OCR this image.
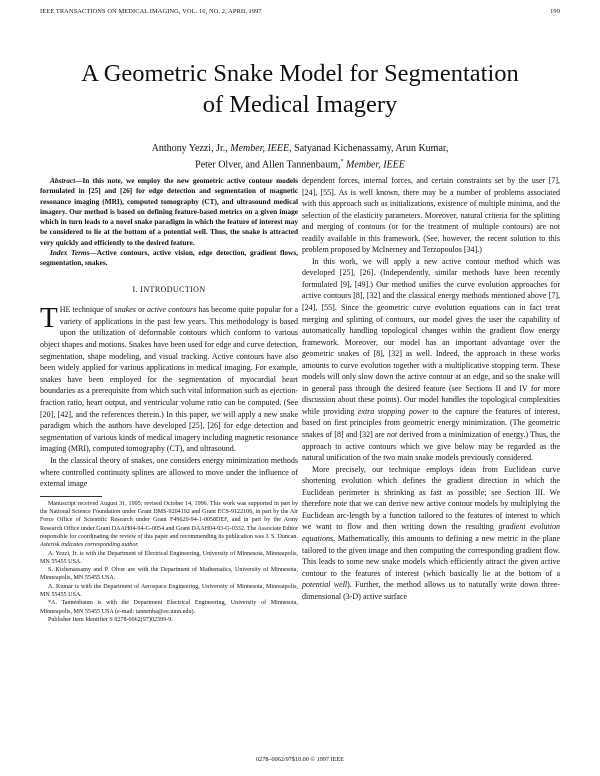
IEEE TRANSACTIONS ON MEDICAL IMAGING, VOL. 16, NO. 2, APRIL 1997	199
A Geometric Snake Model for Segmentation
of Medical Imagery
Anthony Yezzi, Jr., Member, IEEE, Satyanad Kichenassamy, Arun Kumar,
Peter Olver, and Allen Tannenbaum,* Member, IEEE

Abstract—In this note, we employ the new geometric active contour models formulated in [25] and [26] for edge detection and segmentation of magnetic resonance imaging (MRI), computed tomography (CT), and ultrasound medical imagery. Our method is based on defining feature-based metrics on a given image which in turn leads to a novel snake paradigm in which the feature of interest may be considered to lie at the bottom of a potential well. Thus, the snake is attracted very quickly and efficiently to the desired feature.

Index Terms—Active contours, active vision, edge detection, gradient flows, segmentation, snakes.

I. INTRODUCTION

THE technique of snakes or active contours has become quite popular for a variety of applications in the past few years. This methodology is based upon the utilization of deformable contours which conform to various object shapes and motions. Snakes have been used for edge and curve detection, segmentation, shape modeling, and visual tracking. Active contours have also been widely applied for various applications in medical imaging. For example, snakes have been employed for the segmentation of myocardial heart boundaries as a prerequisite from which such vital information such as ejection-fraction ratio, heart output, and ventricular volume ratio can be computed. (See [20], [42], and the references therein.) In this paper, we will apply a new snake paradigm which the authors have developed [25], [26] for edge detection and segmentation of various kinds of medical imagery including magnetic resonance imaging (MRI), computed tomography (CT), and ultrasound.

In the classical theory of snakes, one considers energy minimization methods where controlled continuity splines are allowed to move under the influence of external image

Manuscript received August 31, 1995; revised October 14, 1996. This work was supported in part by the National Science Foundation under Grant DMS-9204192 and Grant ECS-9122106, in part by the Air Force Office of Scientific Research under Grant F49620-94-1-0058DEF, and in part by the Army Research Office under Grant DAAH04-94-G-0054 and Grant DAAH04-93-G-0332. The Associate Editor responsible for coordinating the review of this paper and recommending its publication was J. S. Duncan. Asterisk indicates corresponding author.

A. Yezzi, Jr. is with the Department of Electrical Engineering, University of Minnesota, Minneapolis, MN 55455 USA.

S. Kichenassamy and P. Olver are with the Department of Mathematics, University of Minnesota, Minneapolis, MN 55455 USA.

A. Kumar is with the Department of Aerospace Engineering, University of Minnesota, Minneapolis, MN 55455 USA.

*A. Tannenbaum is with the Department Electrical Engineering, University of Minnesota, Minneapolis, MN 55455 USA (e-mail: tannenba@ee.umn.edu).

Publisher Item Identifier S 0278-0062(97)02399-9.

dependent forces, internal forces, and certain constraints set by the user [7], [24], [55]. As is well known, there may be a number of problems associated with this approach such as initializations, existence of multiple minima, and the selection of the elasticity parameters. Moreover, natural criteria for the splitting and merging of contours (or for the treatment of multiple contours) are not readily available in this framework. (See, however, the recent solution to this problem proposed by McInerney and Terzopoulos [34].)

In this work, we will apply a new active contour method which was developed [25], [26]. (Independently, similar methods have been recently formulated [9], [49].) Our method unifies the curve evolution approaches for active contours [8], [32] and the classical energy methods mentioned above [7], [24], [55]. Since the geometric curve evolution equations can in fact treat merging and splitting of contours, our model gives the user the capability of automatically handling topological changes within the gradient flow energy framework. Moreover, our model has an important advantage over the geometric snakes of [8], [32] as well. Indeed, the approach in these works amounts to curve evolution together with a multiplicative stopping term. These models will only slow down the active contour at an edge, and so the snake will in general pass through the desired feature (see Sections II and IV for more discussion about these points). Our model handles the topological complexities while providing extra stopping power to the capture the features of interest, based on first principles from geometric energy minimization. (The geometric snakes of [8] and [32] are not derived from a minimization of energy.) Thus, the approach to active contours which we give below may be regarded as the natural unification of the two main snake models previously considered.

More precisely, our technique employs ideas from Euclidean curve shortening evolution which defines the gradient direction in which the Euclidean perimeter is shrinking as fast as possible; see Section III. We therefore note that we can derive new active contour models by multiplying the Euclidean arc-length by a function tailored to the features of interest to which we want to flow and then writing down the resulting gradient evolution equations. Mathematically, this amounts to defining a new metric in the plane tailored to the given image and then computing the corresponding gradient flow. This leads to some new snake models which efficiently attract the given active contour to the features of interest (which basically lie at the bottom of a potential well). Further, the method allows us to naturally write down three-dimensional (3-D) active surface

0278–0062/97$10.00 © 1997 IEEE
